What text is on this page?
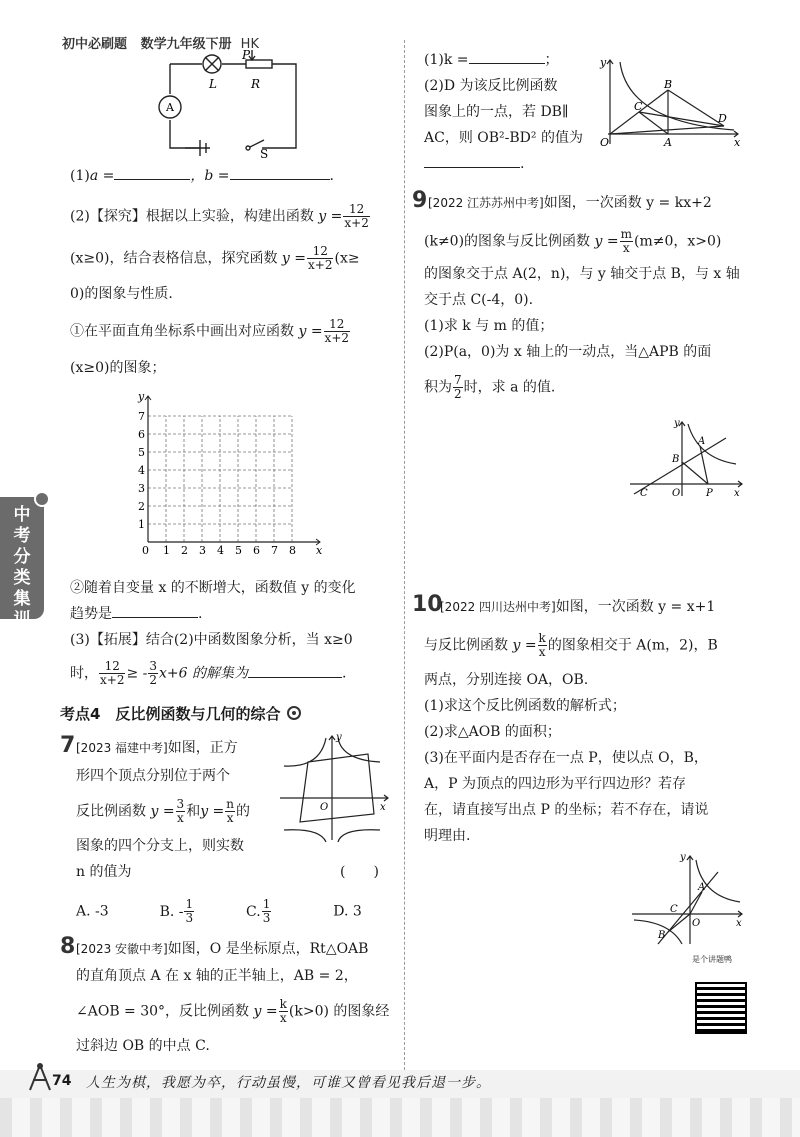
初中必刷题 数学九年级下册 HK
中
考
分
类
集
训
A
L
P
R
S
(1)a =	，b =	.
(2)【探究】根据以上实验，构建出函数 $y = \frac{12}{x+2}$
(x≥0)，结合表格信息，探究函数 $y = \frac{12}{x+2} (x\ge$
0)的图象与性质.
①在平面直角坐标系中画出对应函数 $y = \frac{12}{x+2}$
(x≥0)的图象；
y
x
0 1 2 3 4 5 6 7 8
1
2
3
4
5
6
7
②随着自变量 x 的不断增大，函数值 y 的变化
趋势是	.
(3)【拓展】结合(2)中函数图象分析，当 x≥0
时， $\frac{12}{x+2}$ ≥ - $\frac{3}{2} x+6$ 的解集为	.
考点4　反比例函数与几何的综合
7 [2023 福建中考]如图，正方
形四个顶点分别位于两个
反比例函数 $y = \frac{3}{x}$ 和$y = \frac{n}{x}$ 的
图象的四个分支上，则实数
n 的值为	(　　)
A. -3	B. - $\frac{1}{3}$	C. $\frac{1}{3}$	D. 3
y
x
O
8 [2023 安徽中考]如图，O 是坐标原点，Rt△OAB
的直角顶点 A 在 x 轴的正半轴上，AB = 2，
∠AOB = 30°，反比例函数 $y = \frac{k}{x} (k>0)$ 的图象经
过斜边 OB 的中点 C.
(1)k =	；
(2)D 为该反比例函数
图象上的一点，若 DB∥
AC，则 OB²-BD² 的值为
.
y
x
O	A
B
C
D
9 [2022 江苏苏州中考]如图，一次函数 y = kx+2
(k≠0)的图象与反比例函数 $y = \frac{m}{x} (m\ne 0$，x>0)
的图象交于点 A(2，n)，与 y 轴交于点 B，与 x 轴
交于点 C(-4，0).
(1)求 k 与 m 的值；
(2)P(a，0)为 x 轴上的一动点，当△APB 的面
积为 $\frac{7}{2}$ 时，求 a 的值.
y
x
O
A
B
C	P
10
[2022 四川达州中考]如图，一次函数 y = x+1
与反比例函数 $y = \frac{k}{x}$ 的图象相交于 A(m，2)，B
两点，分别连接 OA，OB.
(1)求这个反比例函数的解析式；
(2)求△AOB 的面积；
(3)在平面内是否存在一点 P，使以点 O，B，
A，P 为顶点的四边形为平行四边形？若存
在，请直接写出点 P 的坐标；若不存在，请说
明理由.
y
x
O
A
B
C
是个讲题鸭
74 人生为棋，我愿为卒，行动虽慢，可谁又曾看见我后退一步。
